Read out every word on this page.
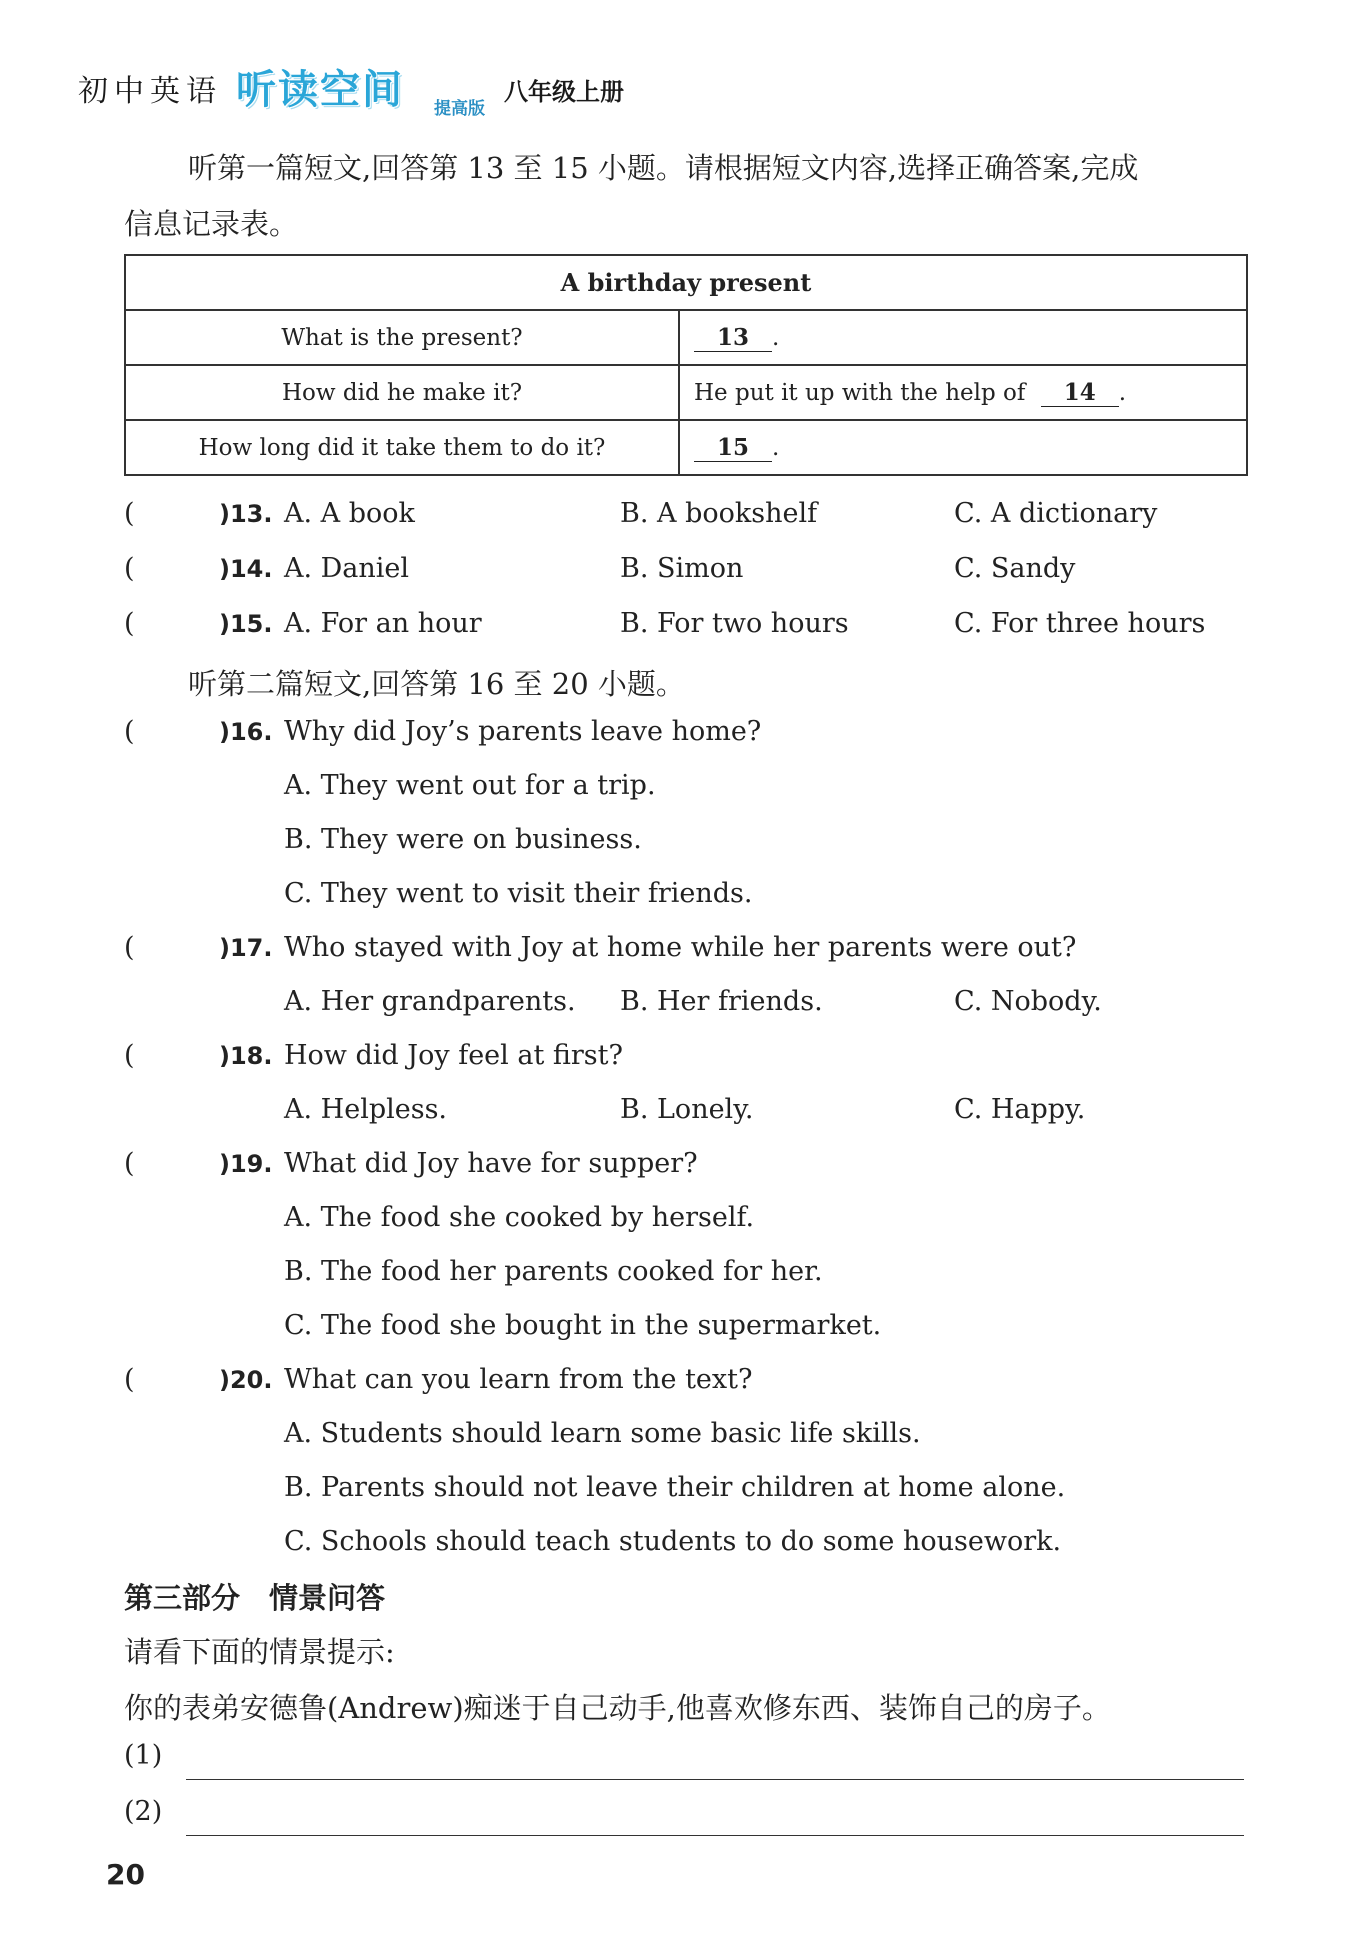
初中英语 听读空间 提高版
八年级上册
听第一篇短文,回答第 13 至 15 小题。请根据短文内容,选择正确答案,完成
信息记录表。
A birthday present	
What is the present?	13 .
How did he make it?	He put it up with the help of 14 .
How long did it take them to do it?	15 .
(	)13. A. A book	B. A bookshelf	C. A dictionary
(	)14. A. Daniel	B. Simon	C. Sandy
(	)15. A. For an hour	B. For two hours	C. For three hours
听第二篇短文,回答第 16 至 20 小题。
(	)16. Why did Joy’s parents leave home?
A. They went out for a trip.
B. They were on business.
C. They went to visit their friends.
(	)17. Who stayed with Joy at home while her parents were out?
A. Her grandparents. B. Her friends.	C. Nobody.
(	)18. How did Joy feel at first?
A. Helpless.	B. Lonely.	C. Happy.
(	)19. What did Joy have for supper?
A. The food she cooked by herself.
B. The food her parents cooked for her.
C. The food she bought in the supermarket.
(	)20. What can you learn from the text?
A. Students should learn some basic life skills.
B. Parents should not leave their children at home alone.
C. Schools should teach students to do some housework.
第三部分　情景问答
请看下面的情景提示:
你的表弟安德鲁(Andrew)痴迷于自己动手,他喜欢修东西、装饰自己的房子。
(1)
(2)
20
